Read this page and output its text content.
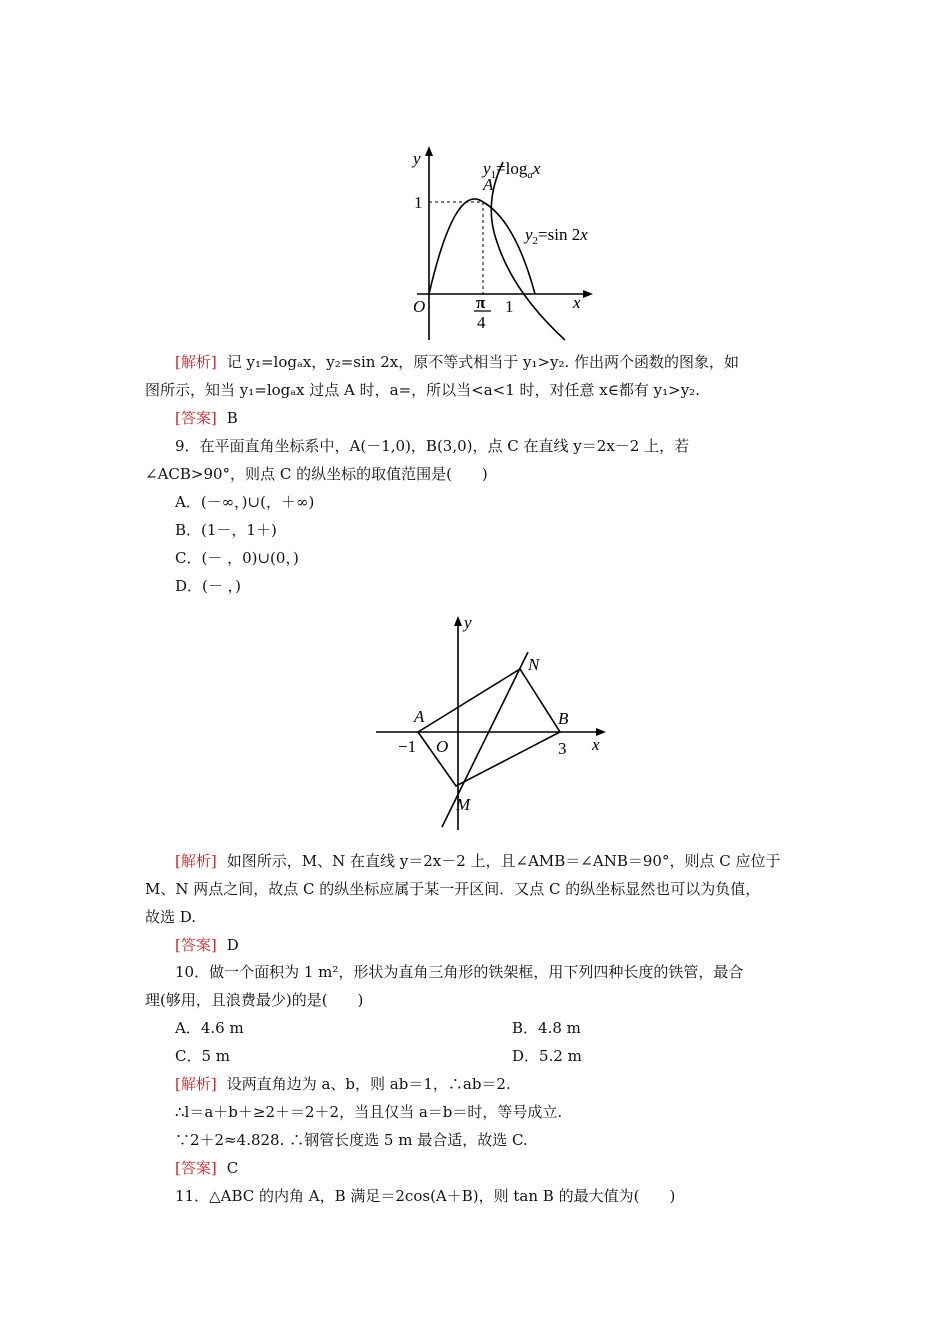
y
x
O
A
1
π
4
1
$y_1=\log_ax$
$y_2=\sin$ 2x
[解析] 记 y₁=logₐx，y₂=sin 2x，原不等式相当于 y₁>y₂. 作出两个函数的图象，如
图所示，知当 y₁=logₐx 过点 A 时，a=，所以当<a<1 时，对任意 x∈都有 y₁>y₂.
[答案] B
9．在平面直角坐标系中，A(－1,0)，B(3,0)，点 C 在直线 y＝2x－2 上，若
∠ACB>90°，则点 C 的纵坐标的取值范围是(　　)
A．(－∞，)∪(，＋∞)
B．(1－，1＋)
C．(－ ，0)∪(0，)
D．(－ ，)
y
x
O
A	B
N
M
−1	3
[解析] 如图所示，M、N 在直线 y＝2x－2 上，且∠AMB＝∠ANB＝90°，则点 C 应位于
M、N 两点之间，故点 C 的纵坐标应属于某一开区间．又点 C 的纵坐标显然也可以为负值，
故选 D.
[答案] D
10．做一个面积为 1 m²，形状为直角三角形的铁架框，用下列四种长度的铁管，最合
理(够用，且浪费最少)的是(　　)
A．4.6 m	B．4.8 m
C．5 m	D．5.2 m
[解析] 设两直角边为 a、b，则 ab＝1，∴ab＝2.
∴l＝a＋b＋≥2＋＝2＋2，当且仅当 a＝b＝时，等号成立.
∵2＋2≈4.828. ∴钢管长度选 5 m 最合适，故选 C.
[答案] C
11．△ABC 的内角 A，B 满足＝2cos(A＋B)，则 tan B 的最大值为(　　)
